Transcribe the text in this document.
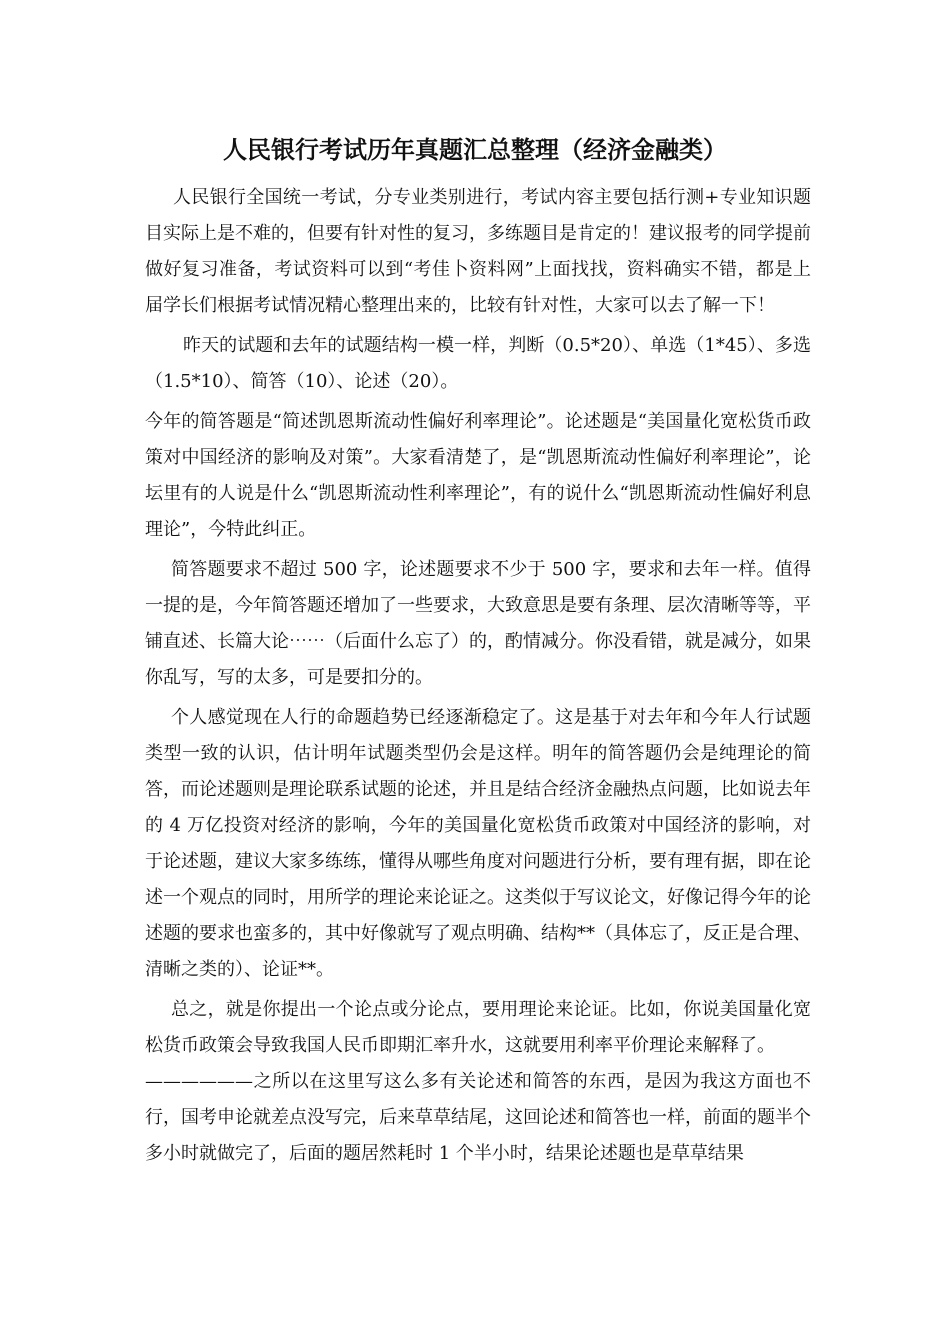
人民银行考试历年真题汇总整理（经济金融类）

人民银行全国统一考试，分专业类别进行，考试内容主要包括行测+专业知识题目实际上是不难的，但要有针对性的复习，多练题目是肯定的！建议报考的同学提前做好复习准备，考试资料可以到“考佳卜资料网”上面找找，资料确实不错，都是上届学长们根据考试情况精心整理出来的，比较有针对性，大家可以去了解一下！

昨天的试题和去年的试题结构一模一样，判断（0.5*20）、单选（1*45）、多选（1.5*10）、简答（10）、论述（20）。

今年的简答题是“简述凯恩斯流动性偏好利率理论”。论述题是“美国量化宽松货币政策对中国经济的影响及对策”。大家看清楚了，是“凯恩斯流动性偏好利率理论”，论坛里有的人说是什么“凯恩斯流动性利率理论”，有的说什么“凯恩斯流动性偏好利息理论”，今特此纠正。

简答题要求不超过 500 字，论述题要求不少于 500 字，要求和去年一样。值得一提的是，今年简答题还增加了一些要求，大致意思是要有条理、层次清晰等等，平铺直述、长篇大论⋯⋯（后面什么忘了）的，酌情减分。你没看错，就是减分，如果你乱写，写的太多，可是要扣分的。

个人感觉现在人行的命题趋势已经逐渐稳定了。这是基于对去年和今年人行试题类型一致的认识，估计明年试题类型仍会是这样。明年的简答题仍会是纯理论的简答，而论述题则是理论联系试题的论述，并且是结合经济金融热点问题，比如说去年的 4 万亿投资对经济的影响，今年的美国量化宽松货币政策对中国经济的影响，对于论述题，建议大家多练练，懂得从哪些角度对问题进行分析，要有理有据，即在论述一个观点的同时，用所学的理论来论证之。这类似于写议论文，好像记得今年的论述题的要求也蛮多的，其中好像就写了观点明确、结构**（具体忘了，反正是合理、清晰之类的）、论证**。

总之，就是你提出一个论点或分论点，要用理论来论证。比如，你说美国量化宽松货币政策会导致我国人民币即期汇率升水，这就要用利率平价理论来解释了。

——————之所以在这里写这么多有关论述和简答的东西，是因为我这方面也不行，国考申论就差点没写完，后来草草结尾，这回论述和简答也一样，前面的题半个多小时就做完了，后面的题居然耗时 1 个半小时，结果论述题也是草草结果
